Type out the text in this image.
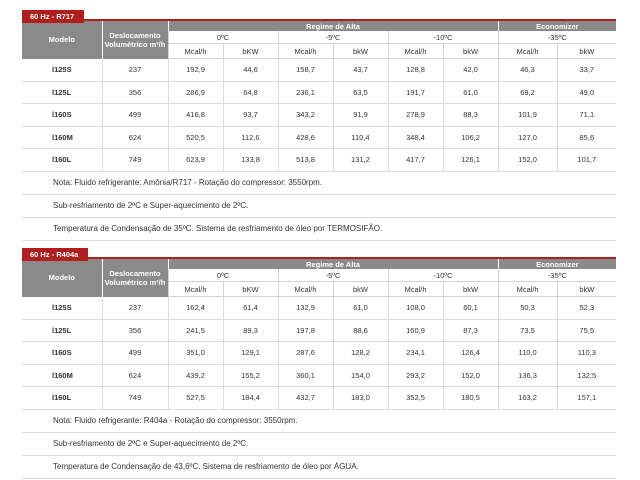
60 Hz - R717
Modelo	Deslocamento Volumétrico m³/h	Regime de Alta						Economizer	
		0ºC		-5ºC		-10ºC		-35ºC	
		Mcal/h	bKW	Mcal/h	bkW	Mcal/h	bkW	Mcal/h	bkW
l125S	237	192,9	44,6	158,7	43,7	128,8	42,0	46,3	33,7
l125L	356	286,9	64,8	236,1	63,5	191,7	61,0	69,2	49,0
l160S	499	416,8	93,7	343,2	91,9	278,9	88,3	101,9	71,1
l160M	624	520,5	112,6	428,6	110,4	348,4	106,2	127,0	85,6
l160L	749	623,9	133,8	513,8	131,2	417,7	126,1	152,0	101,7
Nota: Fluido refrigerante: Amônia/R717 - Rotação do compressor: 3550rpm.
Sub-resfriamento de 2ºC e Super-aquecimento de 2ºC.
Temperatura de Condensação de 35ºC. Sistema de resfriamento de óleo por TERMOSIFÃO.
60 Hz - R404a
Modelo	Deslocamento Volumétrico m³/h	Regime de Alta						Economizer	
		0ºC		-5ºC		-10ºC		-35ºC	
		Mcal/h	bKW	Mcal/h	bkW	Mcal/h	bkW	Mcal/h	bkW
l125S	237	162,4	61,4	132,9	61,0	108,0	60,1	50,3	52,3
l125L	356	241,5	89,3	197,8	88,6	160,9	87,3	73,5	75,5
l160S	499	351,0	129,1	287,6	128,2	234,1	126,4	110,0	110,3
l160M	624	439,2	155,2	360,1	154,0	293,2	152,0	136,3	132,5
l160L	749	527,5	184,4	432,7	183,0	352,5	180,5	163,2	157,1
Nota: Fluido refrigerante: R404a - Rotação do compressor: 3550rpm.
Sub-resfriamento de 2ºC e Super-aquecimento de 2ºC.
Temperatura de Condensação de 43,6ºC. Sistema de resfriamento de óleo por ÁGUA.
